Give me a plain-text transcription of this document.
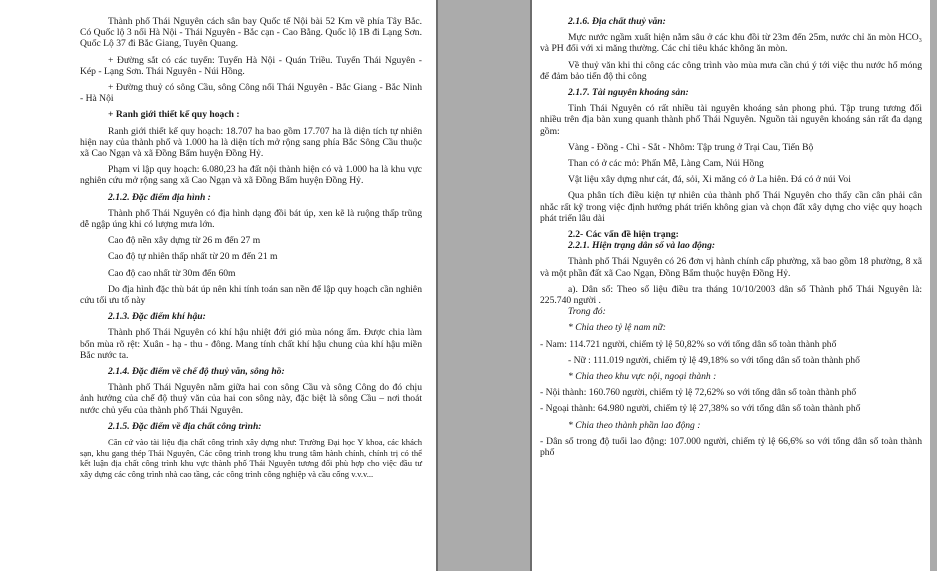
Thành phố Thái Nguyên cách sân bay Quốc tế Nội bài 52 Km về phía Tây Bắc. Có Quốc lộ 3 nối Hà Nội - Thái Nguyên - Bắc cạn - Cao Bằng. Quốc lộ 1B đi Lạng Sơn. Quốc Lộ 37 đi Bắc Giang, Tuyên Quang.

+ Đường sắt có các tuyến: Tuyến Hà Nội - Quán Triều. Tuyến Thái Nguyên - Kép - Lạng Sơn. Thái Nguyên - Núi Hồng.

+ Đường thuỷ có sông Cầu, sông Công nối Thái Nguyên - Bắc Giang - Bắc Ninh - Hà Nội

+ Ranh giới thiết kế quy hoạch :

Ranh giới thiết kế quy hoạch: 18.707 ha bao gồm 17.707 ha là diện tích tự nhiên hiện nay của thành phố và 1.000 ha là diện tích mở rộng sang phía Bắc Sông Cầu thuộc xã Cao Ngạn và xã Đồng Bẩm huyện Đồng Hỷ.

Phạm vi lập quy hoạch: 6.080,23 ha đất nội thành hiện có và 1.000 ha là khu vực nghiên cứu mở rộng sang xã Cao Ngạn và xã Đồng Bẩm huyện Đồng Hỷ.

2.1.2. Đặc điểm địa hình :

Thành phố Thái Nguyên có địa hình dạng đồi bát úp, xen kẽ là ruộng thấp trũng dễ ngập úng khi có lượng mưa lớn.

Cao độ nền xây dựng từ 26 m đến 27 m

Cao độ tự nhiên thấp nhất từ 20 m đến 21 m

Cao độ cao nhất từ 30m đến 60m

Do địa hình đặc thù bát úp nên khi tính toán san nền để lập quy hoạch cần nghiên cứu tối ưu tố này

2.1.3. Đặc điểm khí hậu:

Thành phố Thái Nguyên có khí hậu nhiệt đới gió mùa nóng ẩm. Được chia làm bốn mùa rõ rệt: Xuân - hạ - thu - đông. Mang tính chất khí hậu chung của khí hậu miền Bắc nước ta.

2.1.4. Đặc điểm về chế độ thuỷ văn, sông hồ:

Thành phố Thái Nguyên nằm giữa hai con sông Cầu và sông Công do đó chịu ảnh hưởng của chế độ thuỷ văn của hai con sông này, đặc biệt là sông Cầu – nơi thoát nước chủ yếu của thành phố Thái Nguyên.

2.1.5. Đặc điểm về địa chất công trình:

Căn cứ vào tài liệu địa chất công trình xây dựng như: Trường Đại học Y khoa, các khách sạn, khu gang thép Thái Nguyên, Các công trình trong khu trung tâm hành chính, chính trị có thể kết luận địa chất công trình khu vực thành phố Thái Nguyên tương đối phù hợp cho việc đầu tư xây dựng các công trình nhà cao tầng, các công trình công nghiệp và cầu cống v.v.v...

2.1.6. Địa chất thuỷ văn:

Mực nước ngầm xuất hiện nằm sâu ở các khu đồi từ 23m đến 25m, nước chỉ ăn mòn HCO₃ và PH đối với xi măng thường. Các chỉ tiêu khác không ăn mòn.

Về thuỷ văn khi thi công các công trình vào mùa mưa cần chú ý tới việc thu nước hố móng để đảm bảo tiến độ thi công

2.1.7. Tài nguyên khoáng sản:

Tỉnh Thái Nguyên có rất nhiều tài nguyên khoáng sản phong phú. Tập trung tương đối nhiều trên địa bàn xung quanh thành phố Thái Nguyên. Nguồn tài nguyên khoáng sản rất đa dạng gồm:

Vàng - Đồng - Chì - Sắt - Nhôm: Tập trung ở Trại Cau, Tiến Bộ

Than có ở các mỏ: Phấn Mễ, Làng Cam, Núi Hồng

Vật liệu xây dựng như cát, đá, sỏi, Xi măng có ở La hiên. Đá có ở núi Voi

Qua phân tích điều kiện tự nhiên của thành phố Thái Nguyên cho thấy cần cân phải cân nhắc rất kỹ trong việc định hướng phát triển không gian và chọn đất xây dựng cho việc quy hoạch phát triển lâu dài

2.2- Các vấn đề hiện trạng:

2.2.1. Hiện trạng dân số và lao động:

Thành phố Thái Nguyên có 26 đơn vị hành chính cấp phường, xã bao gồm 18 phường, 8 xã và một phần đất xã Cao Ngạn, Đồng Bẩm thuộc huyện Đồng Hỷ.

a). Dân số: Theo số liệu điều tra tháng 10/10/2003 dân số Thành phố Thái Nguyên là: 225.740 người .

Trong đó:

* Chia theo tỷ lệ nam nữ:

- Nam: 114.721 người, chiếm tỷ lệ 50,82% so với tổng dân số toàn thành phố

- Nữ : 111.019 người, chiếm tỷ lệ 49,18% so với tổng dân số toàn thành phố

* Chia theo khu vực nội, ngoại thành :

- Nội thành: 160.760 người, chiếm tỷ lệ 72,62% so với tổng dân số toàn thành phố

- Ngoại thành: 64.980 người, chiếm tỷ lệ 27,38% so với tổng dân số toàn thành phố

* Chia theo thành phần lao động :

- Dân số trong độ tuổi lao động: 107.000 người, chiếm tỷ lệ 66,6% so với tổng dân số toàn thành phố
